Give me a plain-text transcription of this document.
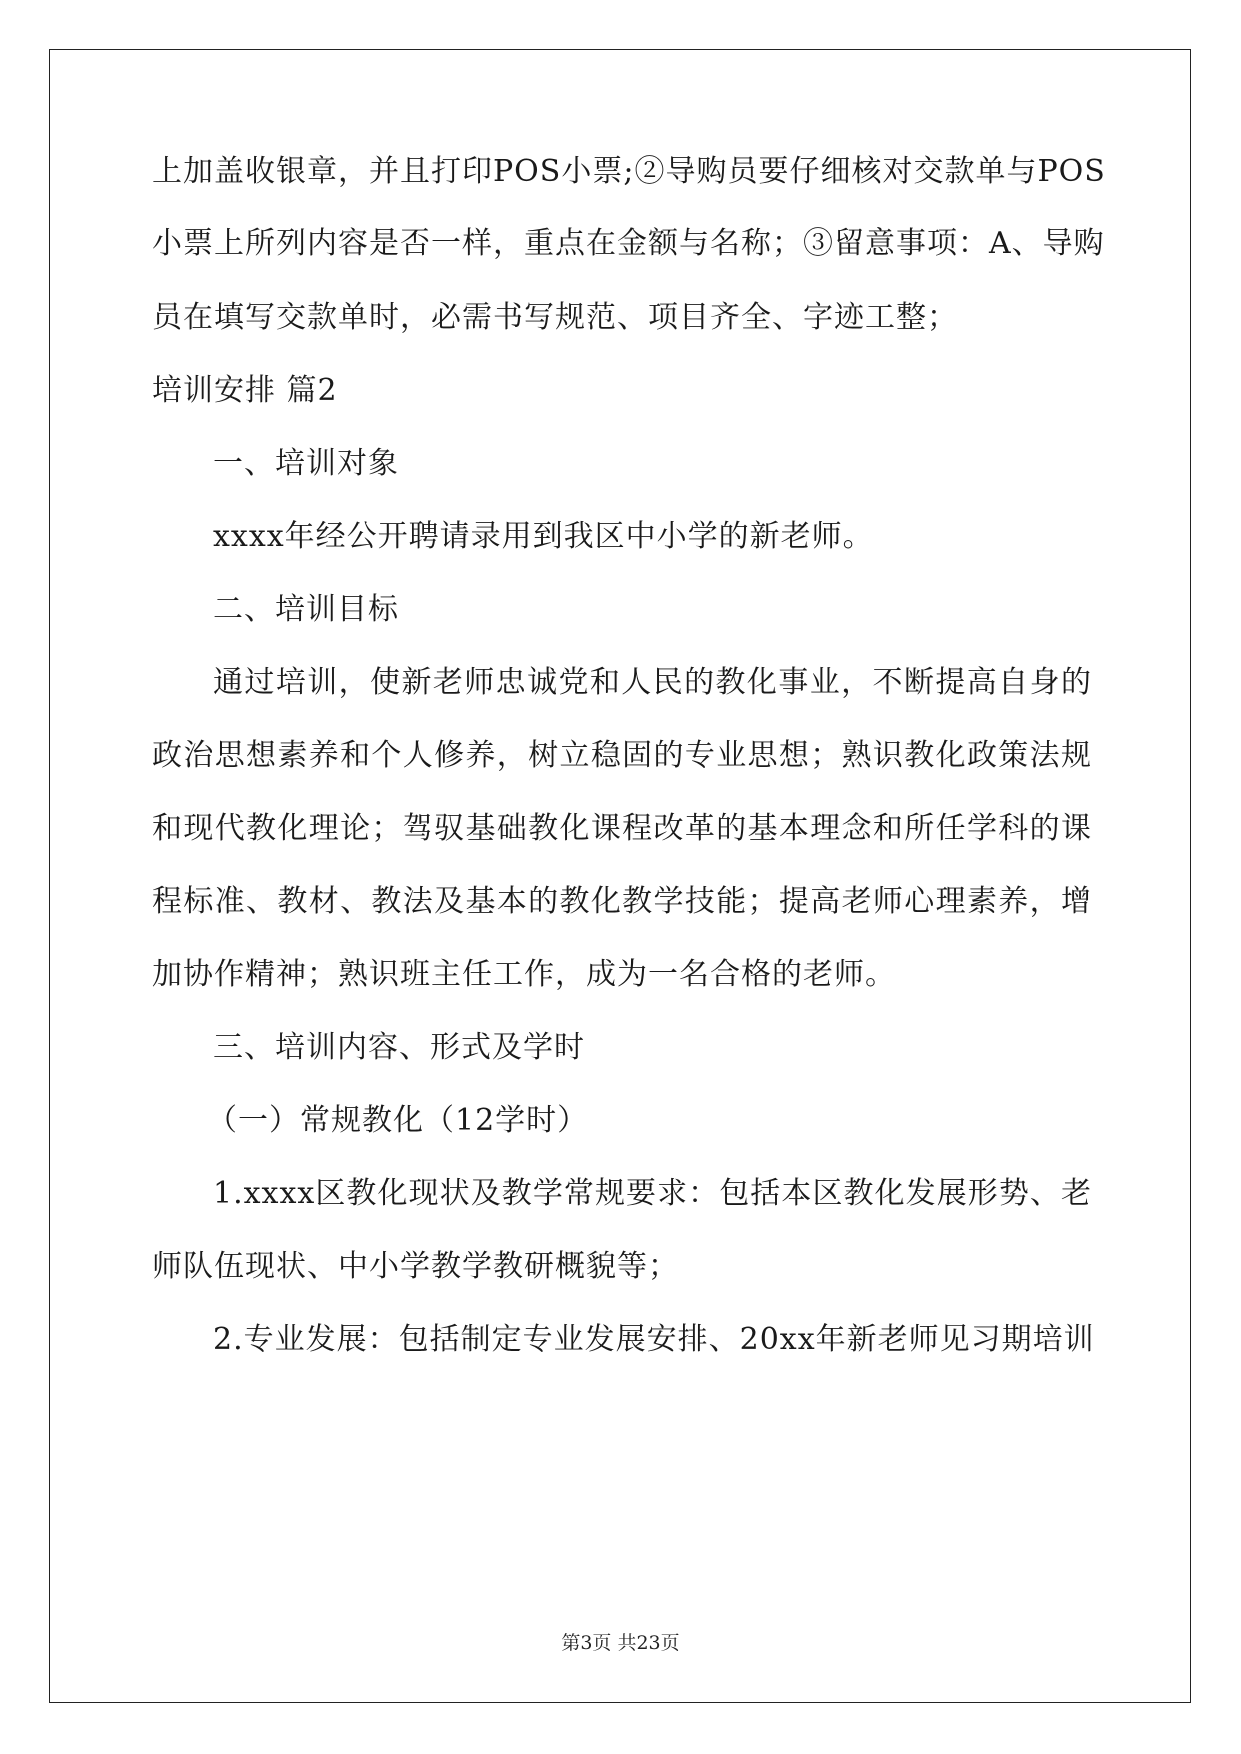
上加盖收银章，并且打印POS小票;②导购员要仔细核对交款单与POS
小票上所列内容是否一样，重点在金额与名称；③留意事项：A、导购
员在填写交款单时，必需书写规范、项目齐全、字迹工整；
培训安排 篇2
一、培训对象
xxxx年经公开聘请录用到我区中小学的新老师。
二、培训目标
通过培训，使新老师忠诚党和人民的教化事业，不断提高自身的
政治思想素养和个人修养，树立稳固的专业思想；熟识教化政策法规
和现代教化理论；驾驭基础教化课程改革的基本理念和所任学科的课
程标准、教材、教法及基本的教化教学技能；提高老师心理素养，增
加协作精神；熟识班主任工作，成为一名合格的老师。
三、培训内容、形式及学时
（一）常规教化（12学时）
1.xxxx区教化现状及教学常规要求：包括本区教化发展形势、老
师队伍现状、中小学教学教研概貌等；
2.专业发展：包括制定专业发展安排、20xx年新老师见习期培训
第3页 共23页
